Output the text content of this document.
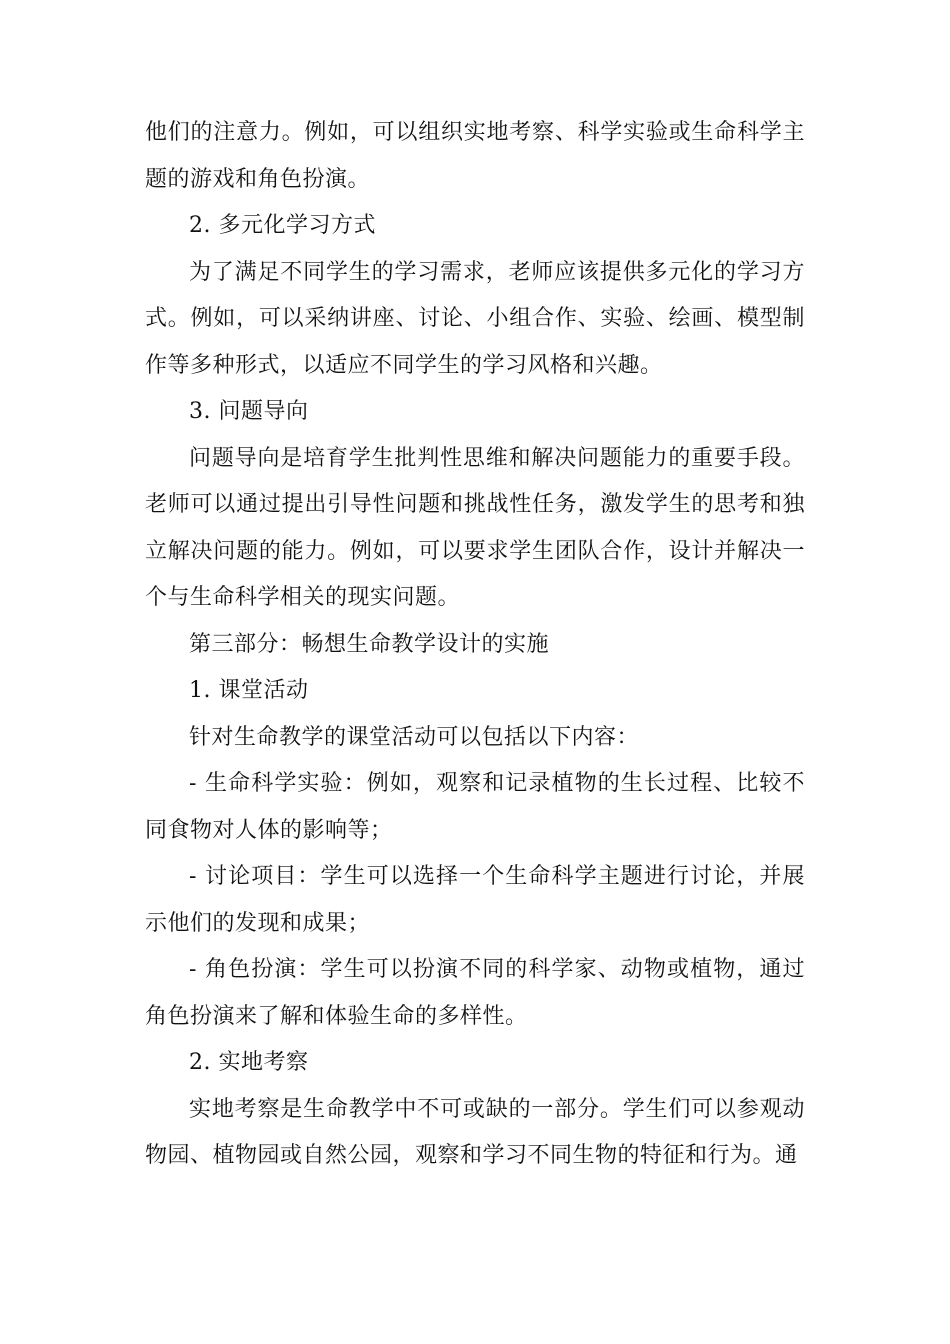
他们的注意力。例如，可以组织实地考察、科学实验或生命科学主题的游戏和角色扮演。

2. 多元化学习方式

为了满足不同学生的学习需求，老师应该提供多元化的学习方式。例如，可以采纳讲座、讨论、小组合作、实验、绘画、模型制作等多种形式，以适应不同学生的学习风格和兴趣。

3. 问题导向

问题导向是培育学生批判性思维和解决问题能力的重要手段。老师可以通过提出引导性问题和挑战性任务，激发学生的思考和独立解决问题的能力。例如，可以要求学生团队合作，设计并解决一个与生命科学相关的现实问题。

第三部分：畅想生命教学设计的实施

1. 课堂活动

针对生命教学的课堂活动可以包括以下内容：

- 生命科学实验：例如，观察和记录植物的生长过程、比较不同食物对人体的影响等；

- 讨论项目：学生可以选择一个生命科学主题进行讨论，并展示他们的发现和成果；

- 角色扮演：学生可以扮演不同的科学家、动物或植物，通过角色扮演来了解和体验生命的多样性。

2. 实地考察

实地考察是生命教学中不可或缺的一部分。学生们可以参观动物园、植物园或自然公园，观察和学习不同生物的特征和行为。通
